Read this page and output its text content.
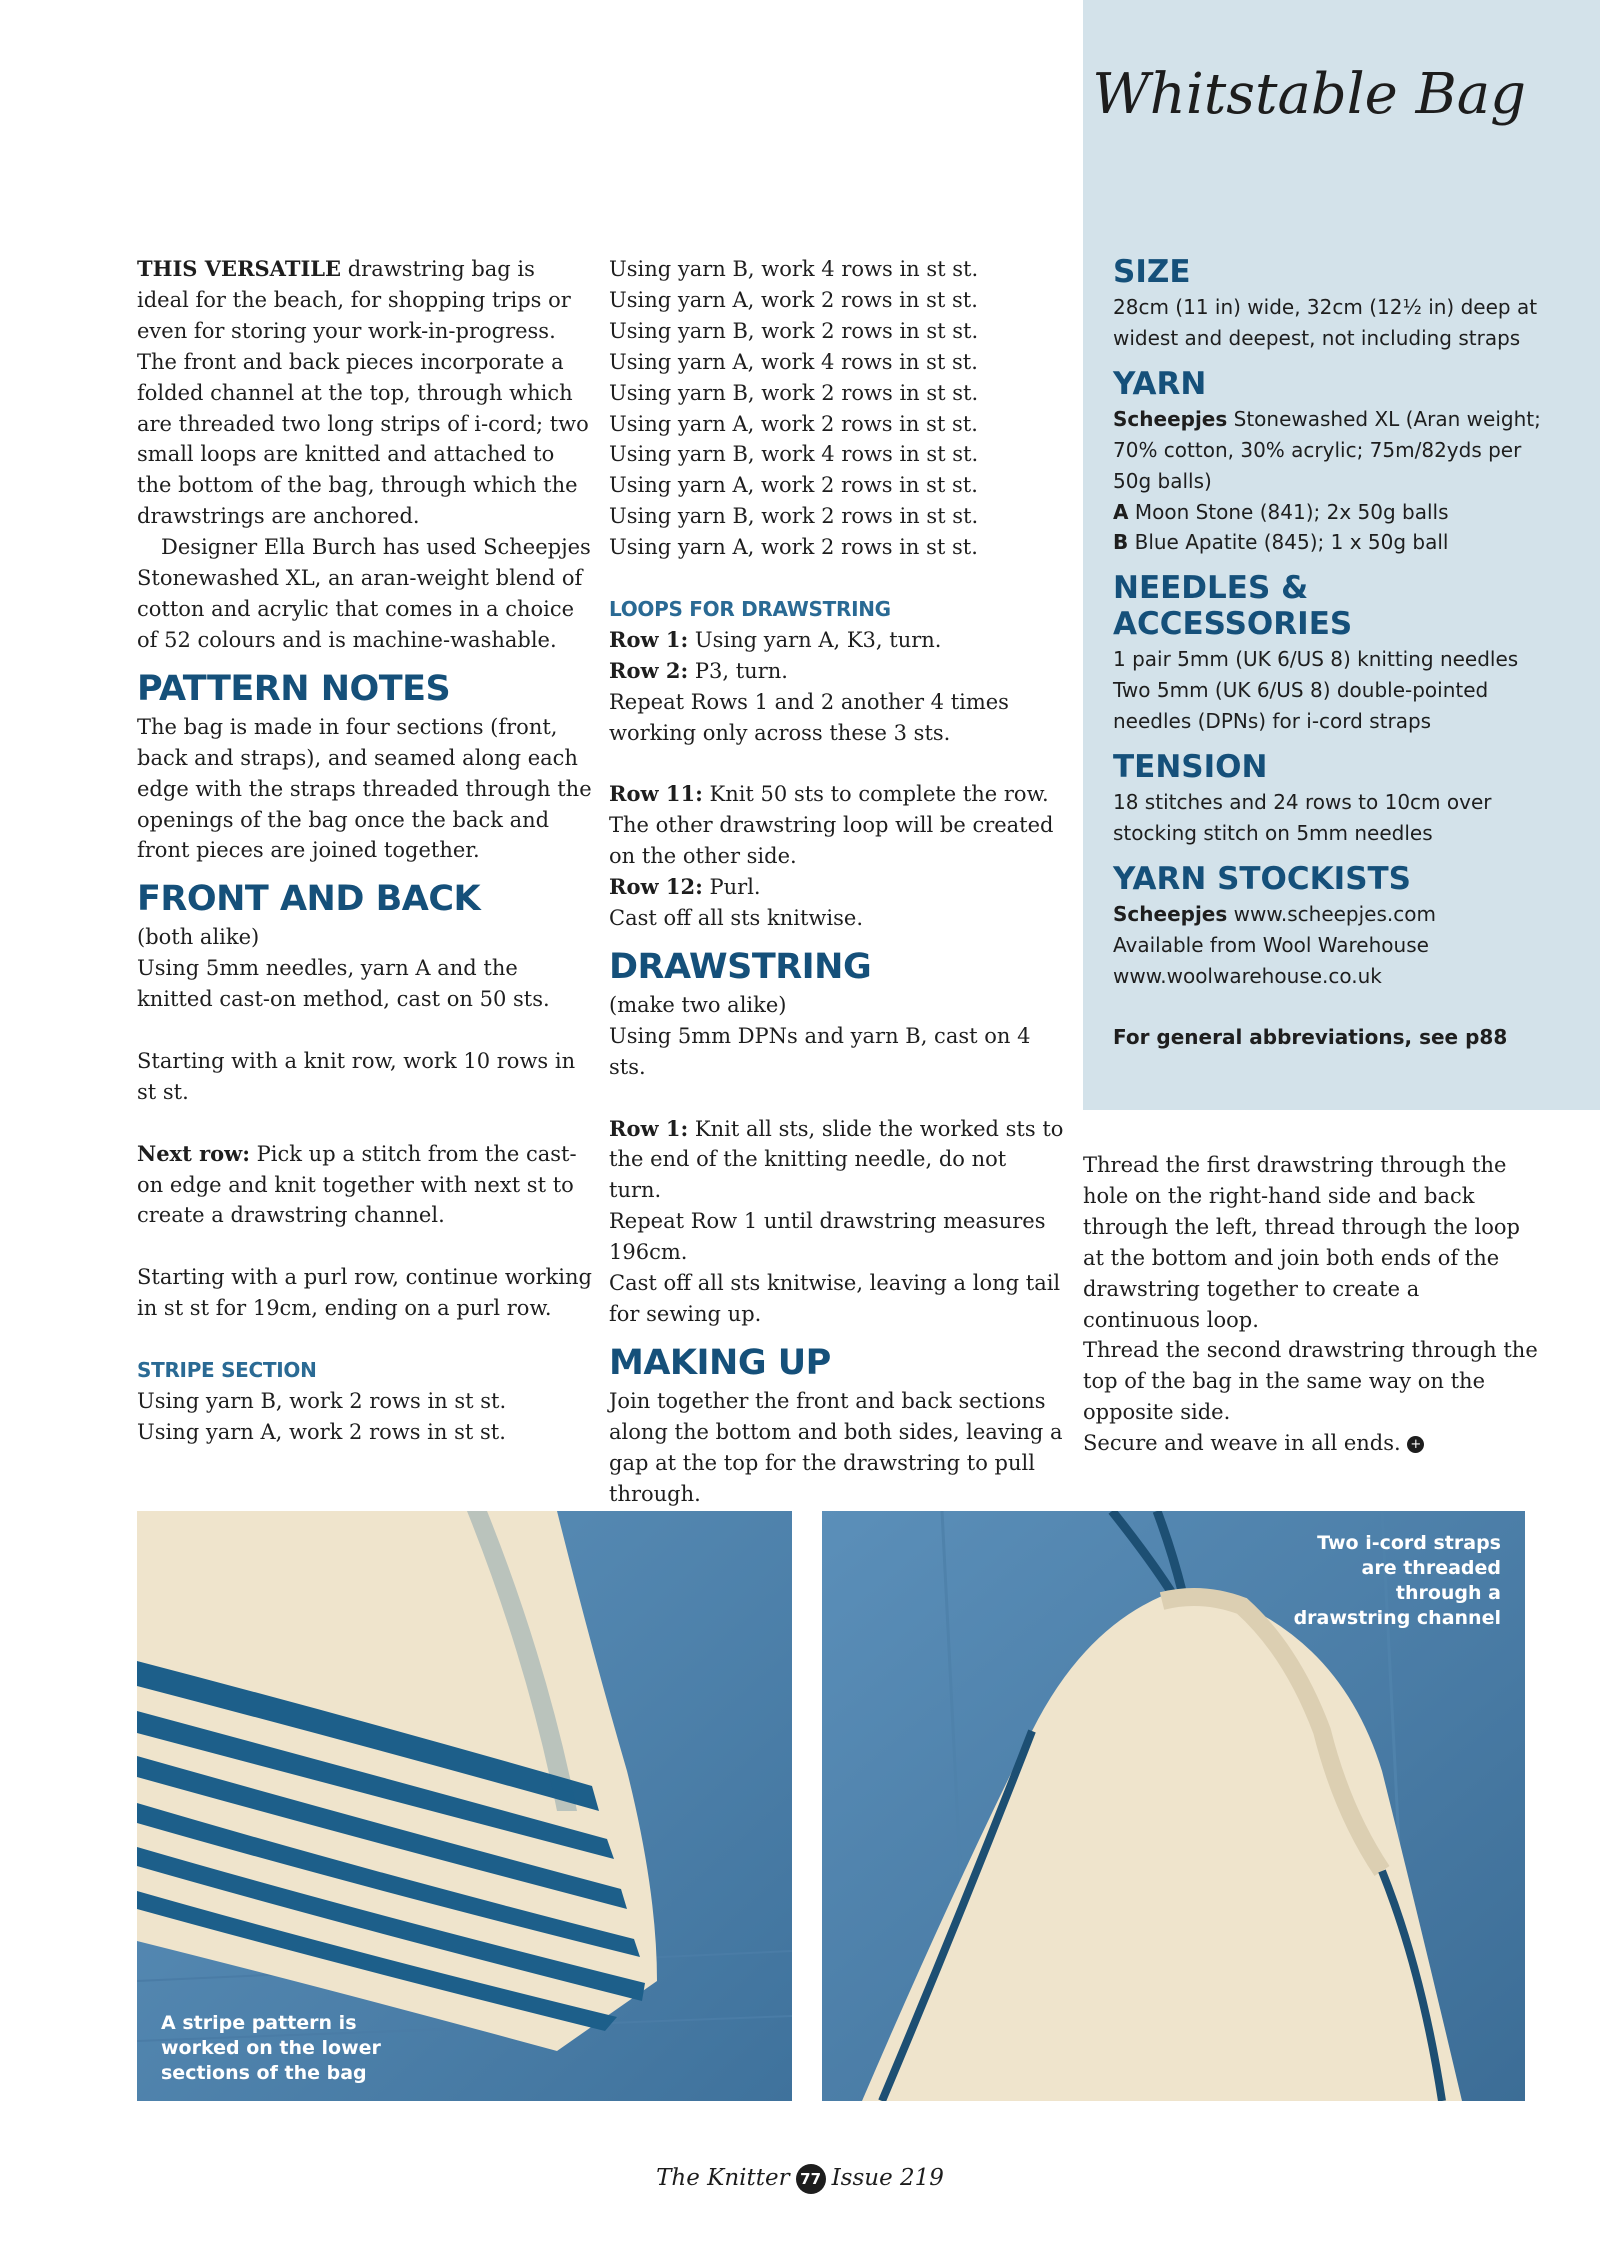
Whitstable Bag

THIS VERSATILE drawstring bag is ideal for the beach, for shopping trips or even for storing your work-in-progress. The front and back pieces incorporate a folded channel at the top, through which are threaded two long strips of i-cord; two small loops are knitted and attached to the bottom of the bag, through which the drawstrings are anchored.

Designer Ella Burch has used Scheepjes Stonewashed XL, an aran-weight blend of cotton and acrylic that comes in a choice of 52 colours and is machine-washable.

PATTERN NOTES

The bag is made in four sections (front, back and straps), and seamed along each edge with the straps threaded through the openings of the bag once the back and front pieces are joined together.

FRONT AND BACK

(both alike)

Using 5mm needles, yarn A and the knitted cast-on method, cast on 50 sts.

Starting with a knit row, work 10 rows in st st.

Next row: Pick up a stitch from the cast-on edge and knit together with next st to create a drawstring channel.

Starting with a purl row, continue working in st st for 19cm, ending on a purl row.

STRIPE SECTION

Using yarn B, work 2 rows in st st.

Using yarn A, work 2 rows in st st.

Using yarn B, work 4 rows in st st.

Using yarn A, work 2 rows in st st.

Using yarn B, work 2 rows in st st.

Using yarn A, work 4 rows in st st.

Using yarn B, work 2 rows in st st.

Using yarn A, work 2 rows in st st.

Using yarn B, work 4 rows in st st.

Using yarn A, work 2 rows in st st.

Using yarn B, work 2 rows in st st.

Using yarn A, work 2 rows in st st.

LOOPS FOR DRAWSTRING

Row 1: Using yarn A, K3, turn.

Row 2: P3, turn.

Repeat Rows 1 and 2 another 4 times working only across these 3 sts.

Row 11: Knit 50 sts to complete the row. The other drawstring loop will be created on the other side.

Row 12: Purl.

Cast off all sts knitwise.

DRAWSTRING

(make two alike)

Using 5mm DPNs and yarn B, cast on 4 sts.

Row 1: Knit all sts, slide the worked sts to the end of the knitting needle, do not turn.

Repeat Row 1 until drawstring measures 196cm.

Cast off all sts knitwise, leaving a long tail for sewing up.

MAKING UP

Join together the front and back sections along the bottom and both sides, leaving a gap at the top for the drawstring to pull through.

SIZE

28cm (11 in) wide, 32cm (12½ in) deep at widest and deepest, not including straps

YARN

Scheepjes Stonewashed XL (Aran weight; 70% cotton, 30% acrylic; 75m/82yds per 50g balls)

A Moon Stone (841); 2x 50g balls

B Blue Apatite (845); 1 x 50g ball

NEEDLES & ACCESSORIES

1 pair 5mm (UK 6/US 8) knitting needles

Two 5mm (UK 6/US 8) double-pointed needles (DPNs) for i-cord straps

TENSION

18 stitches and 24 rows to 10cm over stocking stitch on 5mm needles

YARN STOCKISTS

Scheepjes www.scheepjes.com

Available from Wool Warehouse www.woolwarehouse.co.uk

For general abbreviations, see p88

Thread the first drawstring through the hole on the right-hand side and back through the left, thread through the loop at the bottom and join both ends of the drawstring together to create a continuous loop.

Thread the second drawstring through the top of the bag in the same way on the opposite side.

Secure and weave in all ends. +

A stripe pattern is worked on the lower sections of the bag
Two i-cord straps are threaded through a drawstring channel
The Knitter 77 Issue 219
